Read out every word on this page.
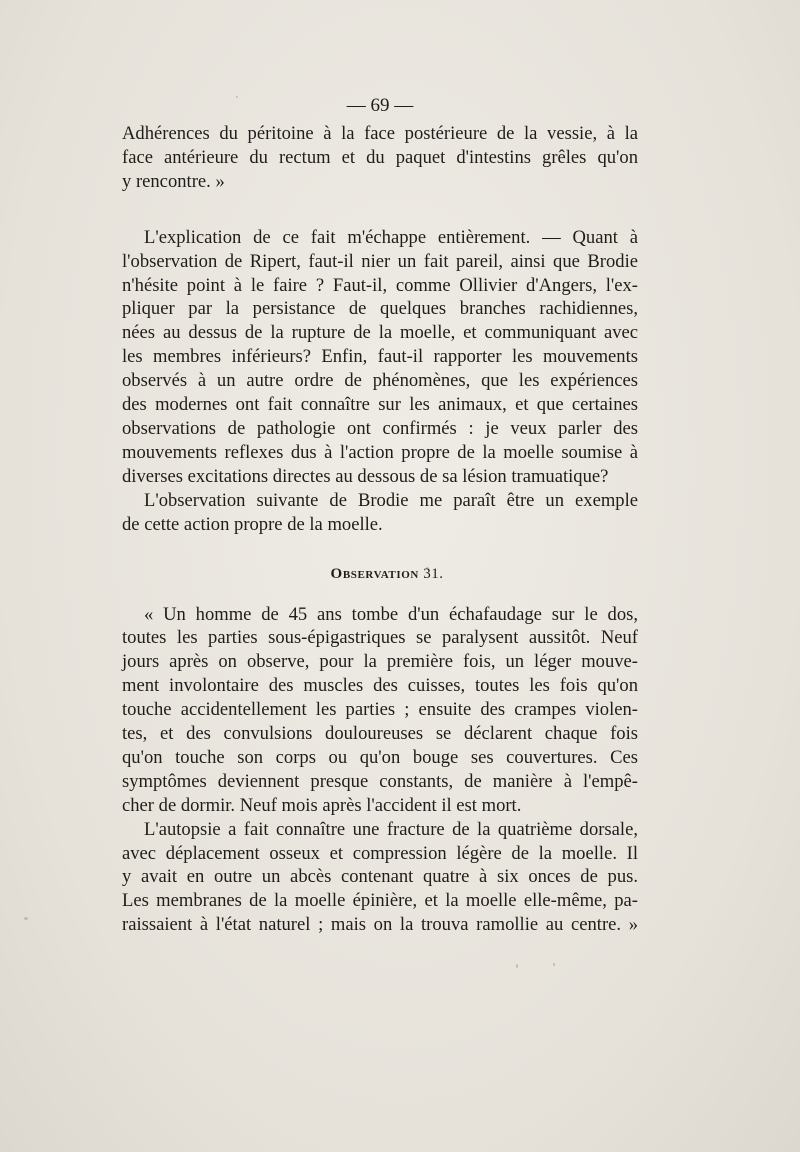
— 69 —
Adhérences du péritoine à la face postérieure de la vessie, à la
face antérieure du rectum et du paquet d'intestins grêles qu'on
y rencontre. »
L'explication de ce fait m'échappe entièrement. — Quant à
l'observation de Ripert, faut-il nier un fait pareil, ainsi que Brodie
n'hésite point à le faire ? Faut-il, comme Ollivier d'Angers, l'ex-
pliquer par la persistance de quelques branches rachidiennes,
nées au dessus de la rupture de la moelle, et communiquant avec
les membres inférieurs? Enfin, faut-il rapporter les mouvements
observés à un autre ordre de phénomènes, que les expériences
des modernes ont fait connaître sur les animaux, et que certaines
observations de pathologie ont confirmés : je veux parler des
mouvements reflexes dus à l'action propre de la moelle soumise à
diverses excitations directes au dessous de sa lésion tramuatique?
L'observation suivante de Brodie me paraît être un exemple
de cette action propre de la moelle.
Observation 31.
« Un homme de 45 ans tombe d'un échafaudage sur le dos,
toutes les parties sous-épigastriques se paralysent aussitôt. Neuf
jours après on observe, pour la première fois, un léger mouve-
ment involontaire des muscles des cuisses, toutes les fois qu'on
touche accidentellement les parties ; ensuite des crampes violen-
tes, et des convulsions douloureuses se déclarent chaque fois
qu'on touche son corps ou qu'on bouge ses couvertures. Ces
symptômes deviennent presque constants, de manière à l'empê-
cher de dormir. Neuf mois après l'accident il est mort.
L'autopsie a fait connaître une fracture de la quatrième dorsale,
avec déplacement osseux et compression légère de la moelle. Il
y avait en outre un abcès contenant quatre à six onces de pus.
Les membranes de la moelle épinière, et la moelle elle-même, pa-
raissaient à l'état naturel ; mais on la trouva ramollie au centre. »
